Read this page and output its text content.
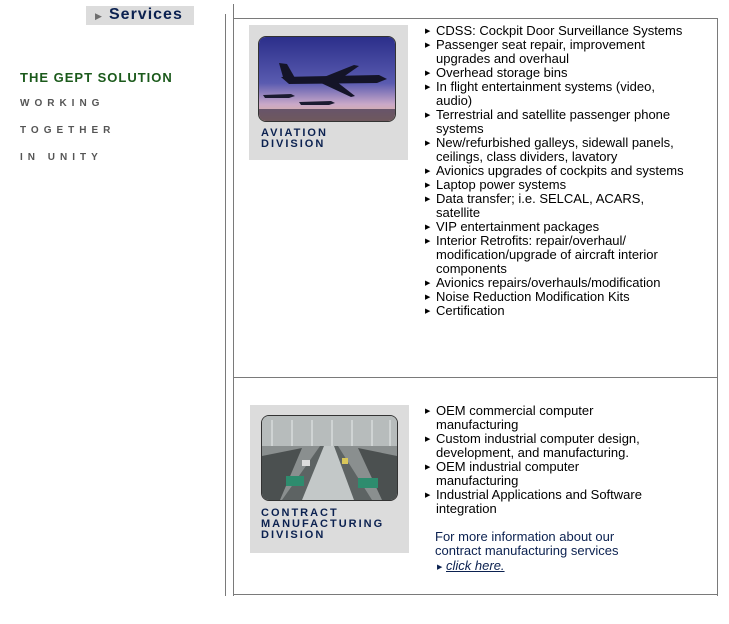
▶ Services
THE GEPT SOLUTION
WORKING
TOGETHER
IN UNITY
AVIATION
DIVISION
▶ CDSS: Cockpit Door Surveillance Systems
▶ Passenger seat repair, improvement upgrades and overhaul
▶ Overhead storage bins
▶ In flight entertainment systems (video, audio)
▶ Terrestrial and satellite passenger phone systems
▶ New/refurbished galleys, sidewall panels, ceilings, class dividers, lavatory
▶ Avionics upgrades of cockpits and systems
▶ Laptop power systems
▶ Data transfer; i.e. SELCAL, ACARS, satellite
▶ VIP entertainment packages
▶ Interior Retrofits: repair/overhaul/ modification/upgrade of aircraft interior components
▶ Avionics repairs/overhauls/modification
▶ Noise Reduction Modification Kits
▶ Certification
CONTRACT
MANUFACTURING
DIVISION
▶ OEM commercial computer manufacturing
▶ Custom industrial computer design, development, and manufacturing.
▶ OEM industrial computer manufacturing
▶ Industrial Applications and Software integration
For more information about our
contract manufacturing services
▶ click here.
